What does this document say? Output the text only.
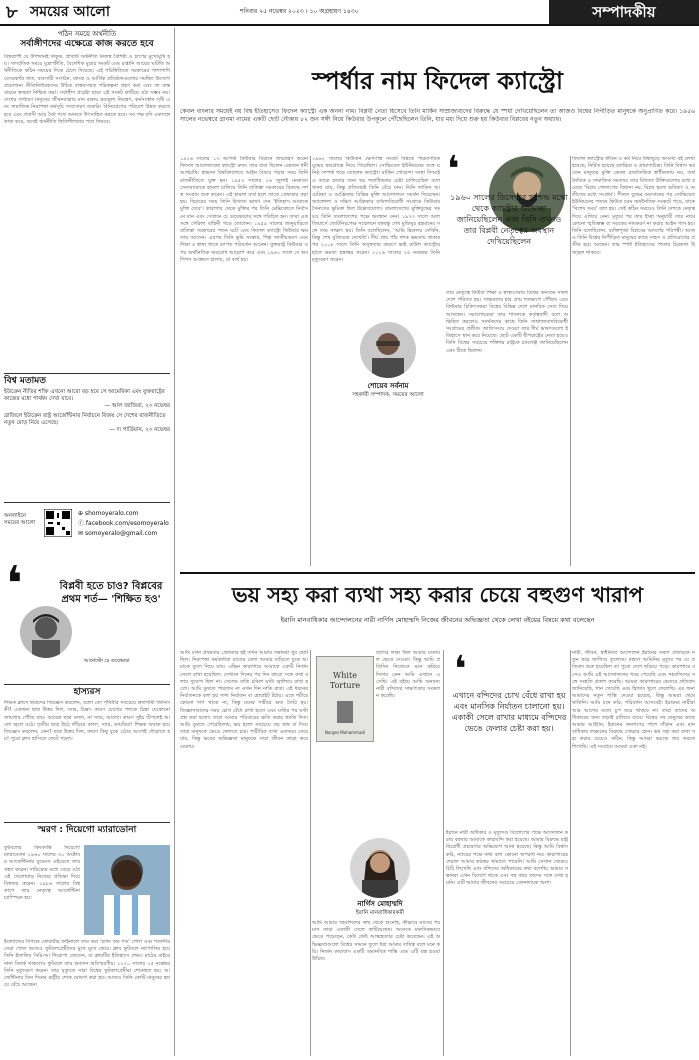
৮ সময়ের আলো	শনিবার ২৫ নভেম্বর ২০২৩ । ১০ অগ্রহায়ণ ১৪৩০	সম্পাদকীয়
পঠিন সময়ে অর্থনীতি
সর্বাঙ্গীণদের এক্ষেত্রে কাজ করতে হবে
বিশ্বব্যাপী যে উপাদানই থাকুক, প্রতিটি অর্থনীতি নিজস্ব বৈশিষ্ট্য ও চাপের মুখোমুখি হয়। সাম্প্রতিক সময়ে মুদ্রাস্ফীতি, বৈদেশিক মুদ্রার সংকট এবং রপ্তানি আয়ের ঘাটতি অর্থনীতিকে কঠিন সময়ের দিকে ঠেলে দিয়েছে। এই পরিস্থিতিতে সরকারের পাশাপাশি বেসরকারি খাত, ব্যবসায়ী সংগঠন, ব্যাংক ও আর্থিক প্রতিষ্ঠানগুলোর সমন্বিত উদ্যোগ প্রয়োজন। নীতিনির্ধারকদের উচিত বাস্তবসম্মত পরিকল্পনা গ্রহণ করা এবং তা বাস্তবায়নে স্বচ্ছতা নিশ্চিত করা। সর্বাঙ্গীণ প্রচেষ্টা ছাড়া এই সংকট কাটিয়ে ওঠা সম্ভব নয়। দেশের সাধারণ মানুষের জীবনযাত্রার মান রক্ষায় দ্রব্যমূল্য নিয়ন্ত্রণ, কর্মসংস্থান সৃষ্টি এবং সামাজিক নিরাপত্তা কর্মসূচি সম্প্রসারণ জরুরি। বিনিয়োগের পরিবেশ উন্নত করতে হবে এবং প্রবাসী আয় বৈধ পথে আনতে উৎসাহিত করতে হবে। সব পক্ষ যদি একসঙ্গে কাজ করে, তবেই অর্থনীতি স্থিতিশীলতার পথে ফিরবে।
বিশ্ব মতামত
ইউক্রেন নীতির শক্তি এখনো আরো বড় হবে সে আমেরিকা এবং যুক্তরাষ্ট্রের কাজের মধ্যে পার্থক্য দেখা যাবে।
— আল জাজিরা, ২৩ নভেম্বর
ব্রাজিলে ইউক্রেন রাষ্ট্র আর্জেন্টিনার নির্বাচনে বিজয় সে দেশের রাজনীতিতে নতুন মোড় নিয়ে এসেছে।
— দ্য গার্ডিয়ান, ২৩ নভেম্বর
অনলাইনে সময়ের আলো
⊕ shomoyeralo.com
ⓕ facebook.com/esomoyeralo
✉ somoyeralo@gmail.com
❛	বিপ্লবী হতে চাও? বিপ্লবের প্রথম শর্ত— 'শিক্ষিত হও'
আর্নেস্টো চে গুয়েভারা
হাস্যরস
শিক্ষক ক্লাসে ছাত্রদের জিজ্ঞেস করলেন, বলো তো পৃথিবীর সবচেয়ে দ্রুতগামী জিনিস কী? একজন ছাত্র উত্তর দিল, স্যার, চিন্তা। কারণ চোখের পলকে চিন্তা যেকোনো জায়গায় পৌঁছে যায়। আরেক ছাত্র বলল, না স্যার, আলো। কারণ সুইচ টিপলেই আলো জ্বলে ওঠে। তৃতীয় ছাত্র উঠে দাঁড়িয়ে বলল, স্যার, ডায়রিয়া! শিক্ষক অবাক হয়ে জিজ্ঞেস করলেন, কেন? ছাত্র উত্তর দিল, কারণ কিছু বুঝে ওঠার আগেই দৌড়াতে হয়! পুরো ক্লাস হাসিতে ফেটে পড়ল।
স্মরণ : দিয়েগো ম্যারাডোনা
ফুটবলের কিংবদন্তি দিয়েগো ম্যারাডোনা ১৯৬০ সালের ৩০ অক্টোবর আর্জেন্টিনার বুয়েনস এইরেসে জন্মগ্রহণ করেন। দারিদ্র্যের মধ্যে বেড়ে ওঠা এই খেলোয়াড় নিজের প্রতিভা দিয়ে বিশ্বজয় করেন। ১৯৮৬ সালের বিশ্বকাপে তার নেতৃত্বে আর্জেন্টিনা চ্যাম্পিয়ন হয়।
ইংল্যান্ডের বিপক্ষে কোয়ার্টার ফাইনালে তার করা 'হ্যান্ড অব গড' গোল এবং শতাব্দীর সেরা গোল আজও ফুটবলপ্রেমীদের মুখে মুখে ফেরে। ক্লাব ফুটবলে নাপোলির হয়ে তিনি ইতালির সিরি-আ শিরোপা জেতেন, যা ক্লাবটির ইতিহাসে প্রথম। মাঠের বাইরে নানা বিতর্ক থাকলেও ফুটবলে তার অবদান অবিস্মরণীয়। ২০২০ সালের ২৫ নভেম্বর তিনি মৃত্যুবরণ করেন। তার মৃত্যুতে সারা বিশ্বের ফুটবলপ্রেমীরা শোকাহত হয়। আর্জেন্টিনায় তিন দিনের রাষ্ট্রীয় শোক ঘোষণা করা হয়। আজও তিনি কোটি মানুষের হৃদয়ে বেঁচে আছেন।
স্পর্ধার নাম ফিদেল ক্যাস্ট্রো
কেবল বাংলার সময়েই নয় বিশ্ব ইতিহাসেও ফিদেল ক্যাস্ট্রো এক অনন্য নাম। বিপ্লবী নেতা হিসেবে তিনি মার্কিন সাম্রাজ্যবাদের বিরুদ্ধে যে স্পর্ধা দেখিয়েছিলেন তা আজও বিশ্বের নিপীড়িত মানুষকে অনুপ্রাণিত করে। ১৯৫৬ সালের নভেম্বরে গ্রানমা নামের একটি ছোট নৌকায় ৮২ জন সঙ্গী নিয়ে কিউবার উপকূলে পৌঁছেছিলেন তিনি, যার মধ্য দিয়ে শুরু হয় কিউবার বিপ্লবের নতুন অধ্যায়।
১৯২৬ সালের ১৩ আগস্ট কিউবার বিরানে জন্মগ্রহণ করেন ফিদেল আলেজান্দ্রো ক্যাস্ট্রো রুজ। তার বাবা ছিলেন একজন ধনী আখচাষি। হাভানা বিশ্ববিদ্যালয়ে আইন বিষয়ে পড়ার সময় তিনি রাজনীতিতে যুক্ত হন। ১৯৫৩ সালের ২৬ জুলাই মনকাডা সেনাব্যারাকে হামলা চালিয়ে তিনি বাতিস্তা সরকারের বিরুদ্ধে সশস্ত্র সংগ্রাম শুরু করেন। এই হামলা ব্যর্থ হলে তাকে গ্রেফতার করা হয়। বিচারের সময় তিনি বিখ্যাত ভাষণ দেন 'ইতিহাস আমাকে মুক্তি দেবে'। কারাগার থেকে মুক্তির পর তিনি মেক্সিকোতে নির্বাসনে যান এবং সেখানে চে গুয়েভারার সঙ্গে পরিচিত হন। তারা একসঙ্গে গেরিলা বাহিনী গড়ে তোলেন। ১৯৫৯ সালের জানুয়ারিতে বাতিস্তা সরকারের পতন ঘটে এবং ফিদেল ক্যাস্ট্রো কিউবার ক্ষমতায় আসেন। এরপর তিনি ভূমি সংস্কার, শিল্প জাতীয়করণ এবং শিক্ষা ও স্বাস্থ্য খাতে ব্যাপক পরিবর্তন আনেন। যুক্তরাষ্ট্র কিউবার ওপর অর্থনৈতিক অবরোধ আরোপ করে এবং ১৯৬১ সালে বে অব পিগস আক্রমণ চালায়, যা ব্যর্থ হয়।
১৯৬২ সালের কিউবান ক্ষেপণাস্ত্র সংকট বিশ্বকে পারমাণবিক যুদ্ধের দ্বারপ্রান্তে নিয়ে গিয়েছিল। সোভিয়েত ইউনিয়নের সঙ্গে ঘনিষ্ঠ সম্পর্ক গড়ে তোলেন ক্যাস্ট্রো। মার্কিন গোয়েন্দা সংস্থা সিআইএ তাকে হত্যার জন্য ছয় শতাধিকবার চেষ্টা চালিয়েছিল বলে জানা যায়, কিন্তু প্রতিবারই তিনি বেঁচে যান। তিনি লাতিন আমেরিকা ও আফ্রিকার বিভিন্ন মুক্তি আন্দোলনে সমর্থন দিয়েছেন। অ্যাঙ্গোলা ও দক্ষিণ আফ্রিকার বর্ণবাদবিরোধী সংগ্রামে কিউবার সৈন্যদের ভূমিকা ছিল উল্লেখযোগ্য। বাংলাদেশের মুক্তিযুদ্ধের সময়ও তিনি বাংলাদেশের পক্ষে অবস্থান নেন। ১৯৭৩ সালে আলজিয়ার্সে জোটনিরপেক্ষ সম্মেলনে বঙ্গবন্ধু শেখ মুজিবুর রহমানের সঙ্গে তার সাক্ষাৎ হয়। তিনি বলেছিলেন, 'আমি হিমালয় দেখিনি, কিন্তু শেখ মুজিবকে দেখেছি'। দীর্ঘ প্রায় পাঁচ দশক ক্ষমতায় থাকার পর ২০০৮ সালে তিনি অসুস্থতার কারণে ভাই রাউল ক্যাস্ট্রোর হাতে ক্ষমতা হস্তান্তর করেন। ২০১৬ সালের ২৫ নভেম্বর তিনি মৃত্যুবরণ করেন।
❛
১৯৬০ সালের ডিসেম্বরে খুশ্চেভ মস্কো থেকে ক্যাস্ট্রোর শুভেচ্ছা জানিয়েছিলেন এবং তিনি তখনও তার বিপ্লবী নেতৃত্বের অবস্থান দেখিয়েছিলেন
শোয়েব সর্বনাম
সহকারী সম্পাদক, সময়ের আলো
তার নেতৃত্বে কিউবা শিক্ষা ও স্বাস্থ্যসেবায় বিশ্বের অন্যতম সফল দেশে পরিণত হয়। সাক্ষরতার হার প্রায় শতভাগে পৌঁছায় এবং কিউবার চিকিৎসকরা বিশ্বের বিভিন্ন দেশে মানবিক সেবা দিয়ে আসছেন। সমালোচকরা তার শাসনকে কর্তৃত্ববাদী বলে অভিহিত করলেও সমর্থকদের কাছে তিনি সাম্রাজ্যবাদবিরোধী সংগ্রামের প্রতীক। জাতিসংঘে দেওয়া তার দীর্ঘ ভাষণগুলো ইতিহাসে স্থান করে নিয়েছে। ছোট একটি দ্বীপরাষ্ট্রের নেতা হয়েও তিনি বিশ্বের সবচেয়ে শক্তিধর রাষ্ট্রকে চ্যালেঞ্জ জানিয়েছিলেন এবং টিকে ছিলেন।
ফিদেল ক্যাস্ট্রোর জীবন ও কর্ম নিয়ে বিশ্বজুড়ে অসংখ্য বই লেখা হয়েছে, নির্মিত হয়েছে চলচ্চিত্র ও প্রামাণ্যচিত্র। তিনি বিশ্বাস করতেন মানুষের মুক্তি কেবল রাজনৈতিক স্বাধীনতায় নয়, অর্থনৈতিক ও সামাজিক সমতায়। তার বিখ্যাত উক্তিগুলোর মধ্যে রয়েছে 'বিপ্লব গোলাপের বিছানা নয়, বিপ্লব হলো ভবিষ্যৎ ও অতীতের মধ্যে সংগ্রাম'। শীতল যুদ্ধের অবসানের পর সোভিয়েত ইউনিয়নের পতনে কিউবা চরম অর্থনৈতিক সংকটে পড়ে, যাকে 'বিশেষ সময়' বলা হয়। সেই কঠিন সময়েও তিনি দেশকে নেতৃত্ব দিয়ে এগিয়ে নেন। মৃত্যুর পর তার ইচ্ছা অনুযায়ী তার নামে কোনো স্মৃতিস্তম্ভ বা সড়কের নামকরণ না করার আইন পাস হয়। তিনি বলেছিলেন, ব্যক্তিপূজা বিপ্লবের আদর্শের পরিপন্থী। আজও তিনি বিশ্বের নিপীড়িত মানুষের কাছে সাহস ও প্রতিরোধের প্রতীক হয়ে আছেন। তার স্পর্ধা ইতিহাসের পাতায় চিরকাল উজ্জ্বল থাকবে।
ভয় সহ্য করা ব্যথা সহ্য করার চেয়ে বহুগুণ খারাপ
ইরানি মানবাধিকার আন্দোলনের নারী নার্গিস মোহাম্মদি নিজের জীবনের অভিজ্ঞতা থেকে লেখা বইয়ের বিষয়ে কথা বলেছেন
আমি যখন প্রথমবার গ্রেফতার হই তখন আমার সন্তানরা খুব ছোট ছিল। নিরাপত্তা কর্মকর্তারা রাতের বেলা আমার বাড়িতে ঢুকে আমাকে তুলে নিয়ে যায়। এভিন কারাগারে আমাকে একটি নির্জন সেলে রাখা হয়েছিল। সেখানে দিনের পর দিন কারো সঙ্গে কথা বলার সুযোগ ছিল না। সেলের বাতি চব্বিশ ঘণ্টা জ্বালিয়ে রাখা হতো। আমি বুঝতে পারতাম না এখন দিন নাকি রাত। এই ধরনের নির্যাতনকে বলা হয় সাদা নির্যাতন বা হোয়াইট টর্চার। এতে শরীরে কোনো দাগ থাকে না, কিন্তু মনের গভীরে ক্ষত তৈরি হয়। জিজ্ঞাসাবাদের সময় চোখ বেঁধে রাখা হতো এবং ঘণ্টার পর ঘণ্টা প্রশ্ন করা হতো। তারা আমার পরিবারের ক্ষতি করার হুমকি দিত। আমি বুঝতে পেরেছিলাম, ভয় হলো সবচেয়ে বড় অস্ত্র যা দিয়ে তারা মানুষকে ভেঙে ফেলতে চায়। শারীরিক ব্যথা একসময় সেরে যায়, কিন্তু ভয়ের অভিজ্ঞতা মানুষকে সারা জীবন তাড়া করে বেড়ায়।
White Torture
Narges Mohammadi
তাদের লক্ষ্য ছিল আমার মনোবল ভেঙে দেওয়া। কিন্তু আমি প্রতিদিন নিজেকে মনে করিয়ে দিতাম কেন আমি এখানে এসেছি। এই বইয়ে আমি অন্যান্য নারী বন্দিদের সাক্ষাৎকার সংকলন করেছি।
নার্গিস মোহাম্মদি
ইরানি মানবাধিকারকর্মী
আমি আমার সহবন্দিদের কাছ থেকে শুনেছি, কীভাবে মাসের পর মাস তারা একাকী সেলে কাটিয়েছেন। অনেকে মানসিকভাবে ভেঙে পড়েছেন, কেউ কেউ আত্মহত্যার চেষ্টা করেছেন। এই অভিজ্ঞতাগুলো বিশ্বের সামনে তুলে ধরা আমার দায়িত্ব বলে মনে করি। নির্জন কারাবাস একটি অমানবিক শাস্তি এবং এটি বন্ধ হওয়া উচিত।
❛
এখানে বন্দিদের চোখ বেঁধে রাখা হয় এবং মানসিক নির্যাতন চালানো হয়। একাকী সেলে রাখার মাধ্যমে বন্দিদের ভেঙে ফেলার চেষ্টা করা হয়।
ইরানে নারী অধিকার ও মৃত্যুদণ্ড বিলোপের পক্ষে আন্দোলন করায় বহুবার আমাকে কারাবন্দি করা হয়েছে। আমার বিরুদ্ধে রাষ্ট্রবিরোধী প্রচারণার অভিযোগ আনা হয়েছে। কিন্তু আমি বিশ্বাস করি, ন্যায়ের পক্ষে কথা বলা কোনো অপরাধ নয়। কারাগারের দেয়াল আমার কণ্ঠস্বর থামাতে পারেনি। আমি সেখান থেকেও চিঠি লিখেছি এবং বন্দিদের অধিকারের কথা বলেছি। আমার সন্তানরা এখন বিদেশে থাকে এবং বহু বছর তাদের সঙ্গে দেখা হয়নি। এটি আমার জীবনের সবচেয়ে বেদনাদায়ক অংশ।
নারী, জীবন, স্বাধীনতা আন্দোলন ইরানের তরুণ প্রজন্মকে নতুন করে জাগিয়ে তুলেছে। মাহসা আমিনির মৃত্যুর পর যে প্রতিবাদ শুরু হয়েছিল তা পুরো দেশে ছড়িয়ে পড়ে। কারাগারে বসেও আমি এই আন্দোলনের খবর পেয়েছি এবং সহবন্দিদের সঙ্গে সংহতি প্রকাশ করেছি। আমরা কারাগারের ভেতরে প্রতিবাদ জানিয়েছি, গান গেয়েছি এবং হিজাব খুলে ফেলেছি। এর জন্য আমাদের নতুন শাস্তি দেওয়া হয়েছে, কিন্তু আমরা থেমে থাকিনি। আমি মনে করি, পরিবর্তন আসবেই। ইরানের নারীরা আর আগের মতো চুপ করে থাকবে না। তারা তাদের অধিকারের জন্য লড়াই চালিয়ে যাবে। বিশ্বের সব মানুষের কাছে আমার আহ্বান, ইরানের জনগণের পাশে দাঁড়ান এবং মানবাধিকার লঙ্ঘনের বিরুদ্ধে সোচ্চার হোন। ভয় সহ্য করা ব্যথা সহ্য করার চেয়েও কঠিন, কিন্তু আমরা ভয়কে জয় করতে শিখেছি। এই সংগ্রামে আমরা একা নই।
